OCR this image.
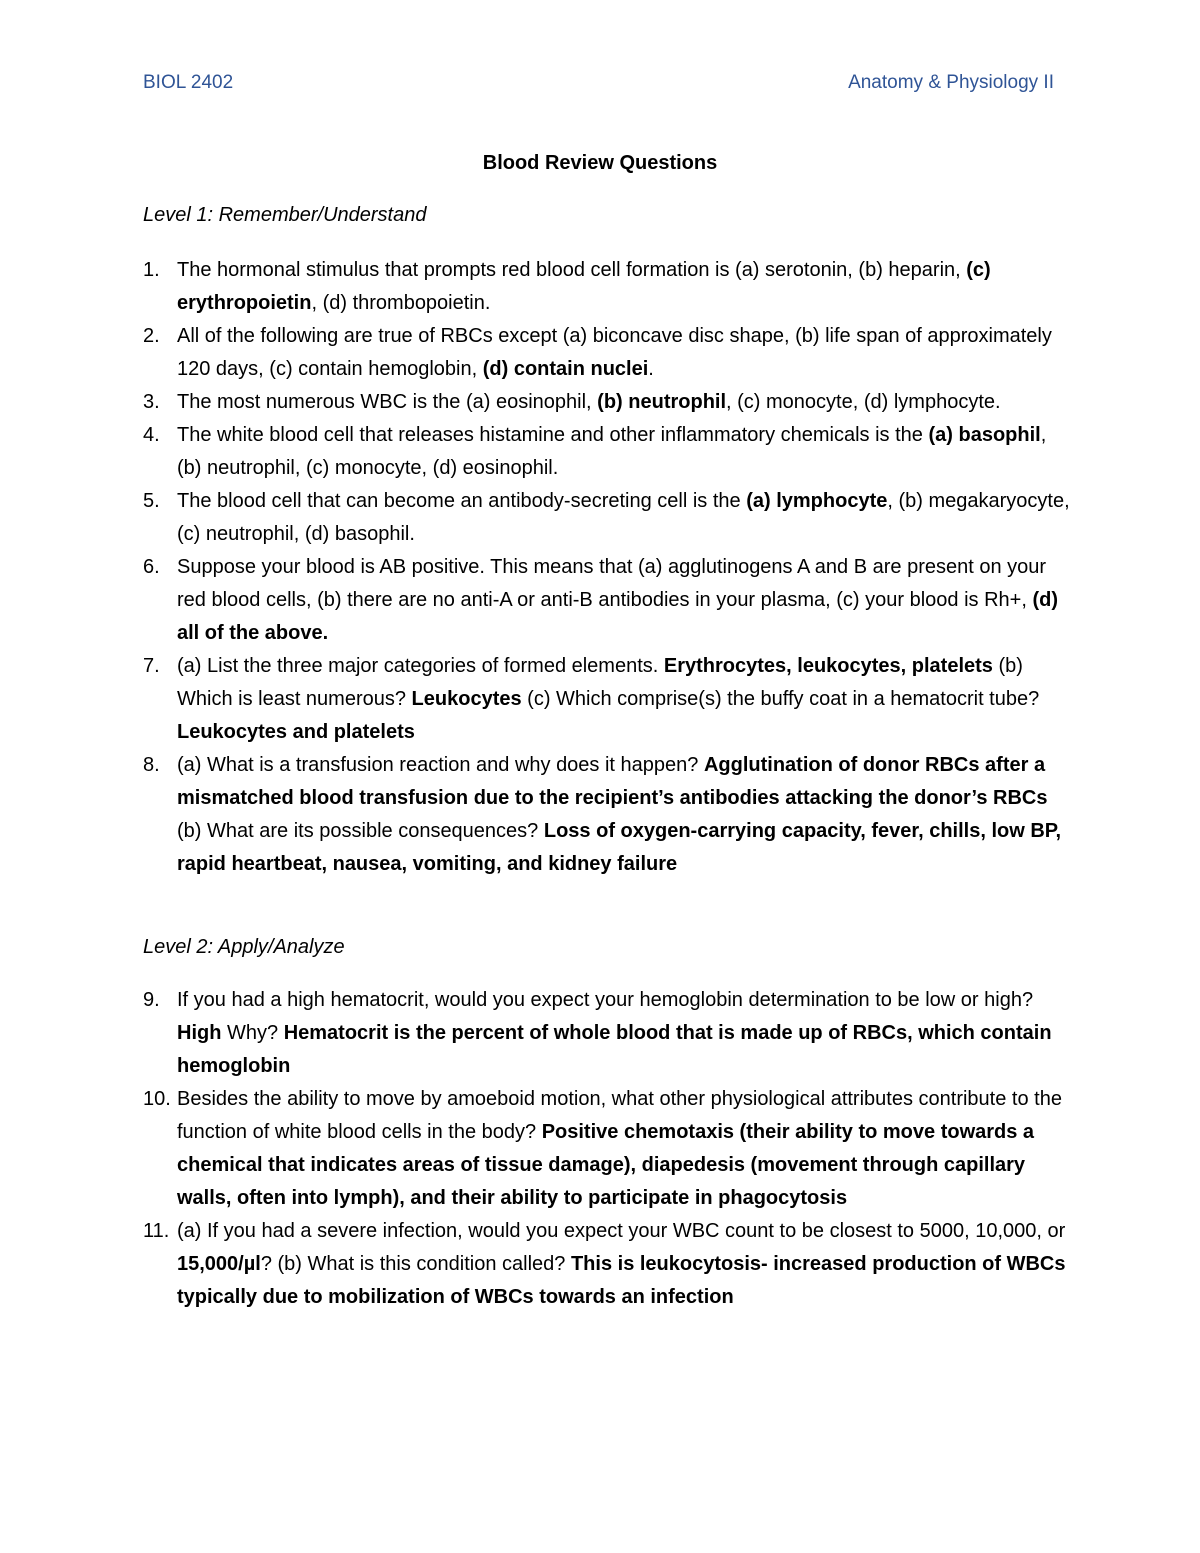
BIOL 2402	Anatomy & Physiology II
Blood Review Questions
Level 1: Remember/Understand
1. The hormonal stimulus that prompts red blood cell formation is (a) serotonin, (b) heparin, (c) erythropoietin, (d) thrombopoietin.
2. All of the following are true of RBCs except (a) biconcave disc shape, (b) life span of approximately 120 days, (c) contain hemoglobin, (d) contain nuclei.
3. The most numerous WBC is the (a) eosinophil, (b) neutrophil, (c) monocyte, (d) lymphocyte.
4. The white blood cell that releases histamine and other inflammatory chemicals is the (a) basophil, (b) neutrophil, (c) monocyte, (d) eosinophil.
5. The blood cell that can become an antibody-secreting cell is the (a) lymphocyte, (b) megakaryocyte, (c) neutrophil, (d) basophil.
6. Suppose your blood is AB positive. This means that (a) agglutinogens A and B are present on your red blood cells, (b) there are no anti-A or anti-B antibodies in your plasma, (c) your blood is Rh+, (d) all of the above.
7. (a) List the three major categories of formed elements. Erythrocytes, leukocytes, platelets (b) Which is least numerous? Leukocytes (c) Which comprise(s) the buffy coat in a hematocrit tube? Leukocytes and platelets
8. (a) What is a transfusion reaction and why does it happen? Agglutination of donor RBCs after a mismatched blood transfusion due to the recipient’s antibodies attacking the donor’s RBCs (b) What are its possible consequences? Loss of oxygen-carrying capacity, fever, chills, low BP, rapid heartbeat, nausea, vomiting, and kidney failure
Level 2: Apply/Analyze
9. If you had a high hematocrit, would you expect your hemoglobin determination to be low or high? High Why? Hematocrit is the percent of whole blood that is made up of RBCs, which contain hemoglobin
10. Besides the ability to move by amoeboid motion, what other physiological attributes contribute to the function of white blood cells in the body? Positive chemotaxis (their ability to move towards a chemical that indicates areas of tissue damage), diapedesis (movement through capillary walls, often into lymph), and their ability to participate in phagocytosis
11. (a) If you had a severe infection, would you expect your WBC count to be closest to 5000, 10,000, or 15,000/µl? (b) What is this condition called? This is leukocytosis- increased production of WBCs typically due to mobilization of WBCs towards an infection
